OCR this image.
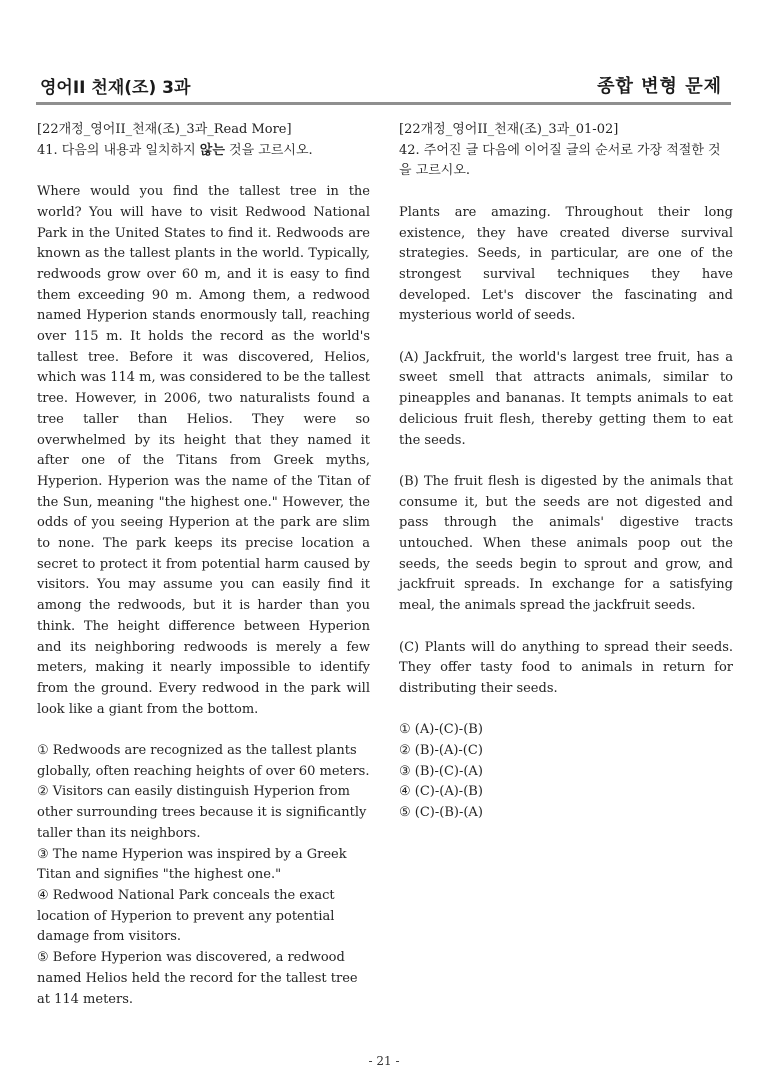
영어II 천재(조) 3과	종합 변형 문제

[22개정_영어II_천재(조)_3과_Read More]

41. 다음의 내용과 일치하지 않는 것을 고르시오.

Where would you find the tallest tree in the world? You will have to visit Redwood National Park in the United States to find it. Redwoods are known as the tallest plants in the world. Typically, redwoods grow over 60 m, and it is easy to find them exceeding 90 m. Among them, a redwood named Hyperion stands enormously tall, reaching over 115 m. It holds the record as the world's tallest tree. Before it was discovered, Helios, which was 114 m, was considered to be the tallest tree. However, in 2006, two naturalists found a tree taller than Helios. They were so overwhelmed by its height that they named it after one of the Titans from Greek myths, Hyperion. Hyperion was the name of the Titan of the Sun, meaning "the highest one." However, the odds of you seeing Hyperion at the park are slim to none. The park keeps its precise location a secret to protect it from potential harm caused by visitors. You may assume you can easily find it among the redwoods, but it is harder than you think. The height difference between Hyperion and its neighboring redwoods is merely a few meters, making it nearly impossible to identify from the ground. Every redwood in the park will look like a giant from the bottom.

① Redwoods are recognized as the tallest plants globally, often reaching heights of over 60 meters.

② Visitors can easily distinguish Hyperion from other surrounding trees because it is significantly taller than its neighbors.

③ The name Hyperion was inspired by a Greek Titan and signifies "the highest one."

④ Redwood National Park conceals the exact location of Hyperion to prevent any potential damage from visitors.

⑤ Before Hyperion was discovered, a redwood named Helios held the record for the tallest tree at 114 meters.

[22개정_영어II_천재(조)_3과_01-02]

42. 주어진 글 다음에 이어질 글의 순서로 가장 적절한 것을 고르시오.

Plants are amazing. Throughout their long existence, they have created diverse survival strategies. Seeds, in particular, are one of the strongest survival techniques they have developed. Let's discover the fascinating and mysterious world of seeds.

(A) Jackfruit, the world's largest tree fruit, has a sweet smell that attracts animals, similar to pineapples and bananas. It tempts animals to eat delicious fruit flesh, thereby getting them to eat the seeds.

(B) The fruit flesh is digested by the animals that consume it, but the seeds are not digested and pass through the animals' digestive tracts untouched. When these animals poop out the seeds, the seeds begin to sprout and grow, and jackfruit spreads. In exchange for a satisfying meal, the animals spread the jackfruit seeds.

(C) Plants will do anything to spread their seeds. They offer tasty food to animals in return for distributing their seeds.

① (A)-(C)-(B)

② (B)-(A)-(C)

③ (B)-(C)-(A)

④ (C)-(A)-(B)

⑤ (C)-(B)-(A)

- 21 -
